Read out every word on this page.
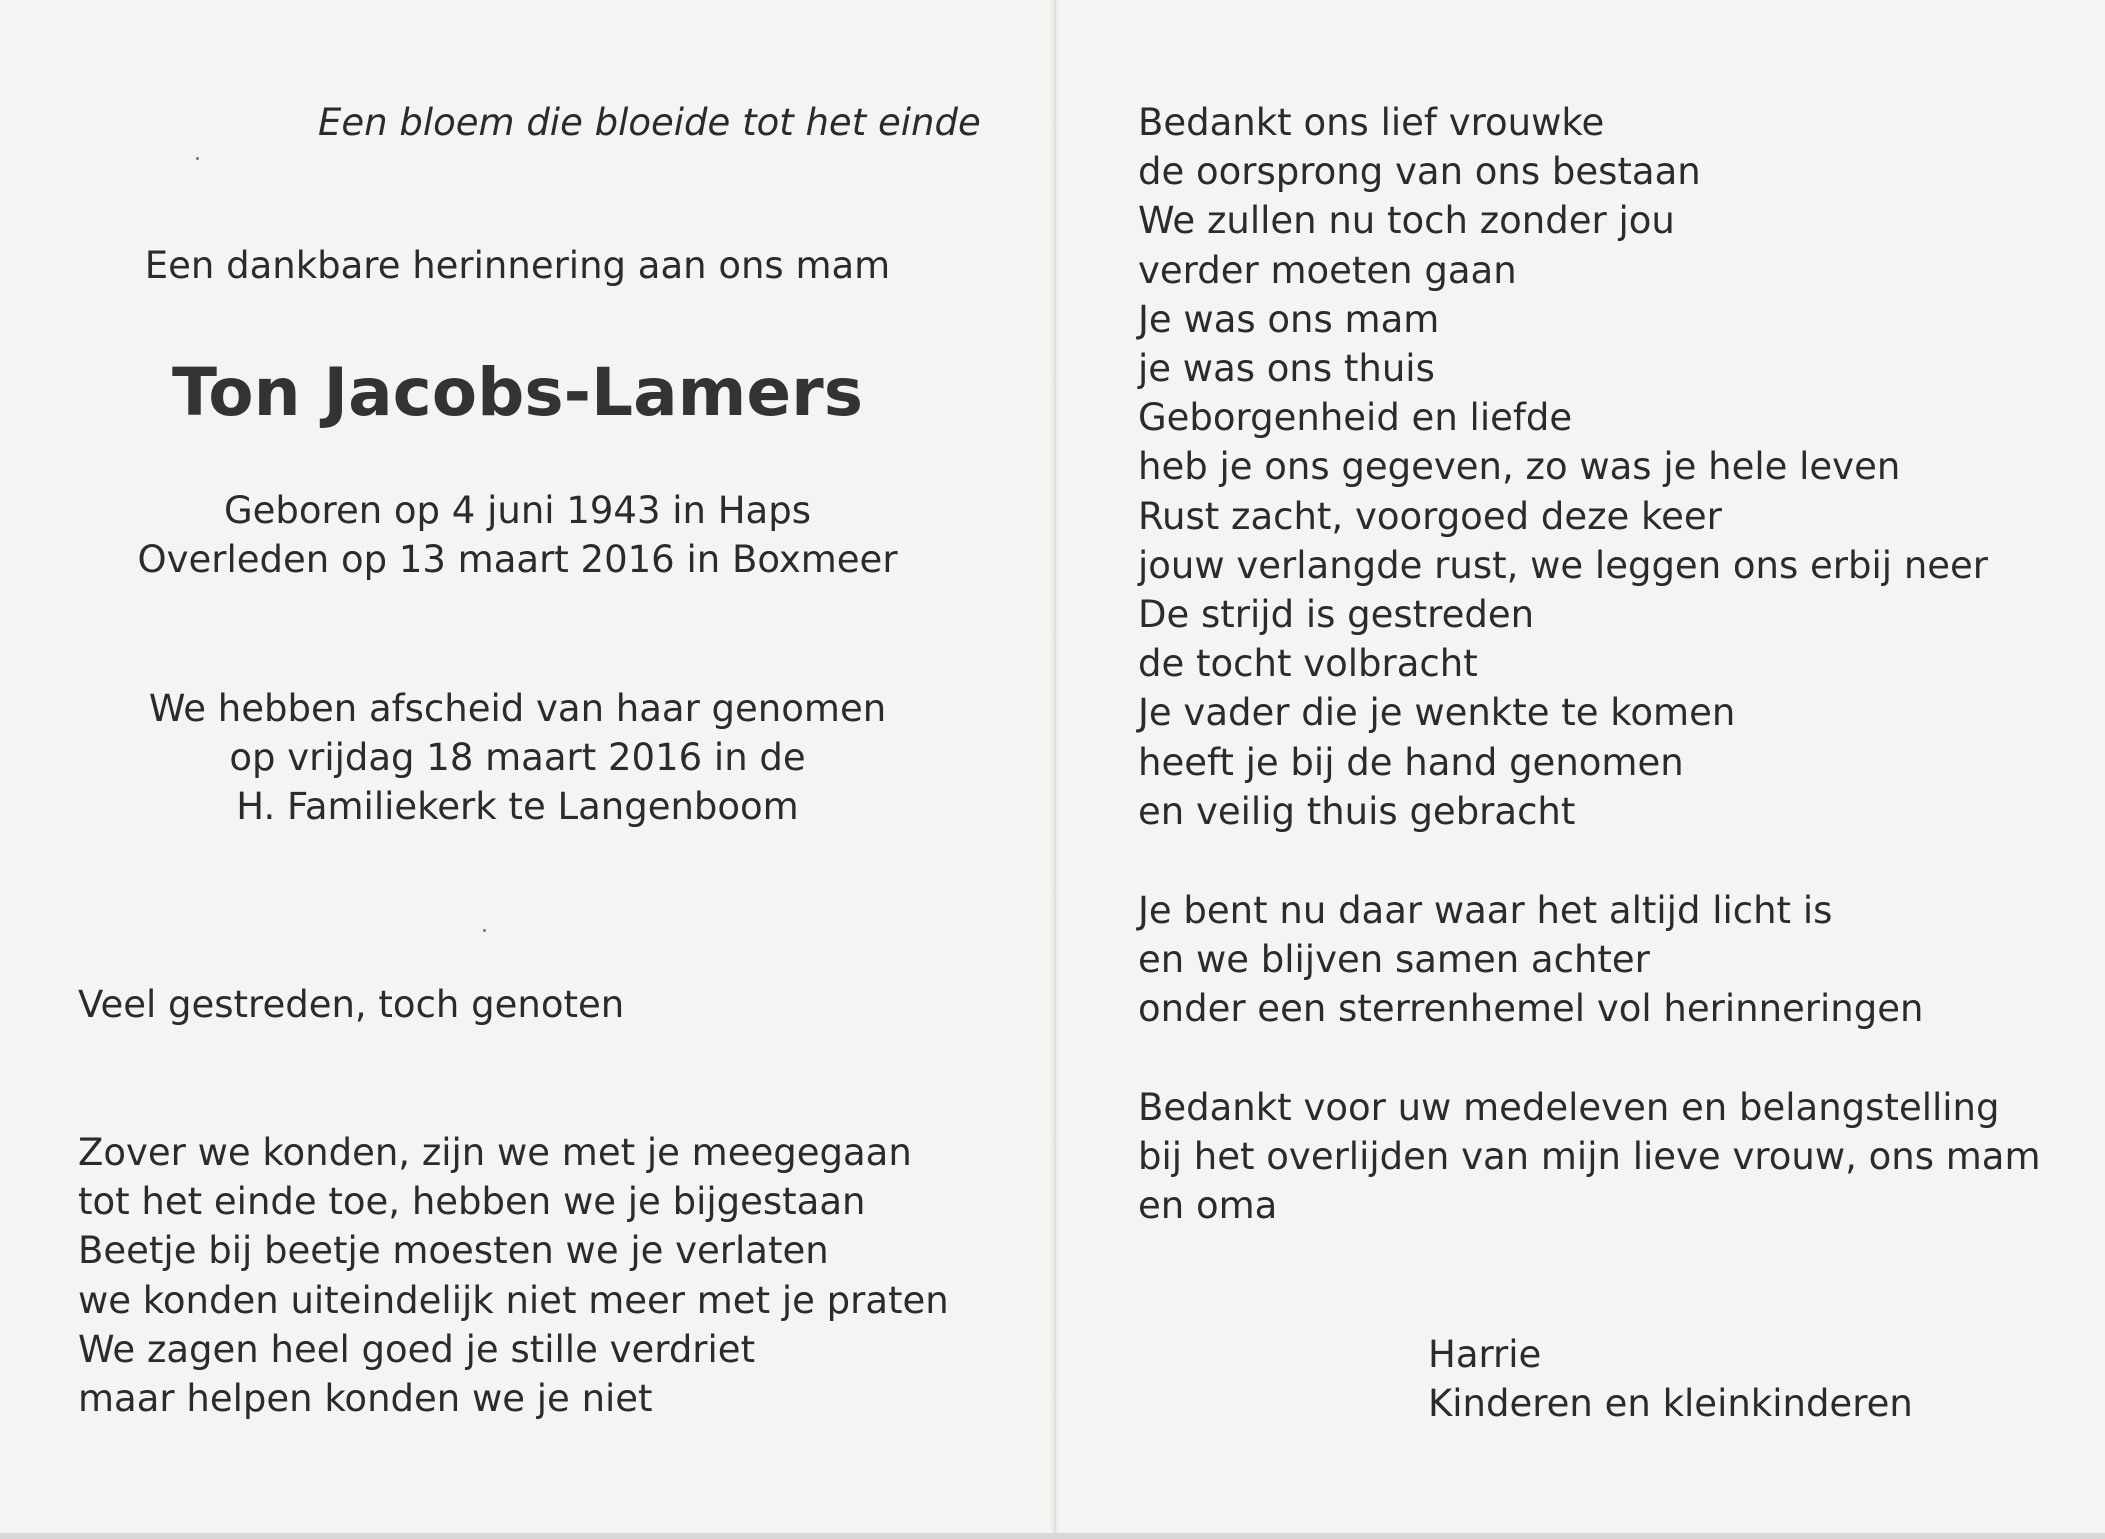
Een bloem die bloeide tot het einde

Een dankbare herinnering aan ons mam

Ton Jacobs-Lamers

Geboren op 4 juni 1943 in Haps

Overleden op 13 maart 2016 in Boxmeer

We hebben afscheid van haar genomen
op vrijdag 18 maart 2016 in de
H. Familiekerk te Langenboom

Veel gestreden, toch genoten

Zover we konden, zijn we met je meegegaan
tot het einde toe, hebben we je bijgestaan
Beetje bij beetje moesten we je verlaten
we konden uiteindelijk niet meer met je praten
We zagen heel goed je stille verdriet
maar helpen konden we je niet
Bedankt ons lief vrouwke
de oorsprong van ons bestaan
We zullen nu toch zonder jou
verder moeten gaan
Je was ons mam
je was ons thuis
Geborgenheid en liefde
heb je ons gegeven, zo was je hele leven
Rust zacht, voorgoed deze keer
jouw verlangde rust, we leggen ons erbij neer
De strijd is gestreden
de tocht volbracht
Je vader die je wenkte te komen
heeft je bij de hand genomen
en veilig thuis gebracht
Je bent nu daar waar het altijd licht is
en we blijven samen achter
onder een sterrenhemel vol herinneringen
Bedankt voor uw medeleven en belangstelling
bij het overlijden van mijn lieve vrouw, ons mam
en oma
Harrie
Kinderen en kleinkinderen
